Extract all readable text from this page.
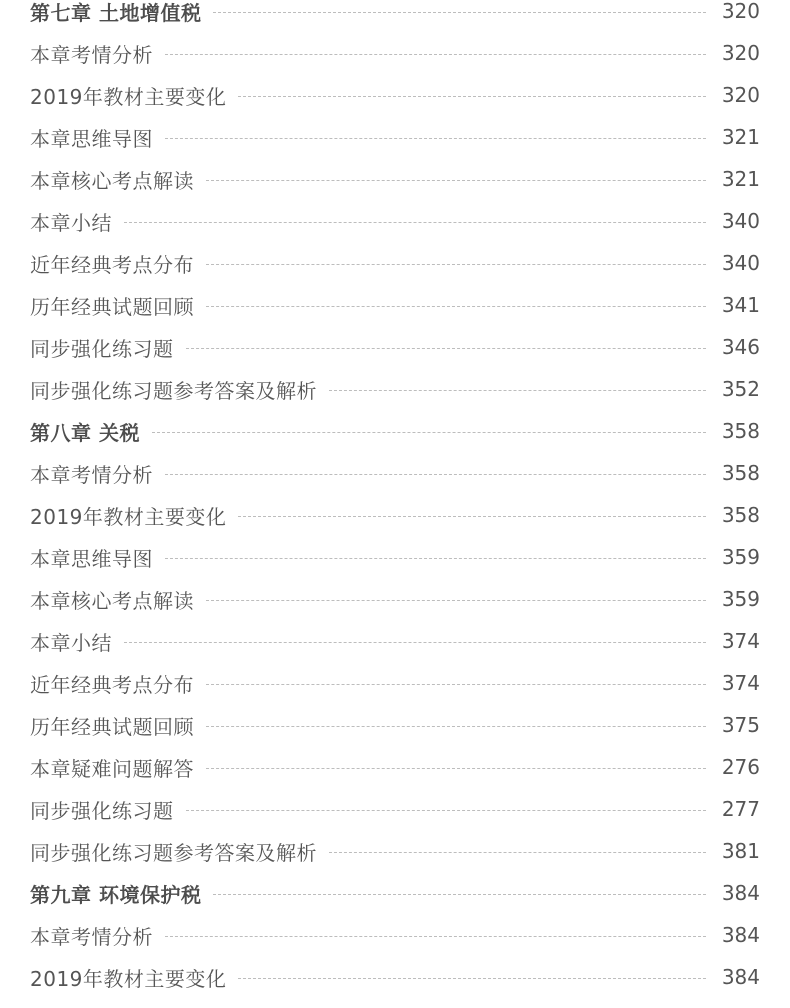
第七章 土地增值税	320
本章考情分析	320
2019年教材主要变化	320
本章思维导图	321
本章核心考点解读	321
本章小结	340
近年经典考点分布	340
历年经典试题回顾	341
同步强化练习题	346
同步强化练习题参考答案及解析	352
第八章 关税	358
本章考情分析	358
2019年教材主要变化	358
本章思维导图	359
本章核心考点解读	359
本章小结	374
近年经典考点分布	374
历年经典试题回顾	375
本章疑难问题解答	276
同步强化练习题	277
同步强化练习题参考答案及解析	381
第九章 环境保护税	384
本章考情分析	384
2019年教材主要变化	384
